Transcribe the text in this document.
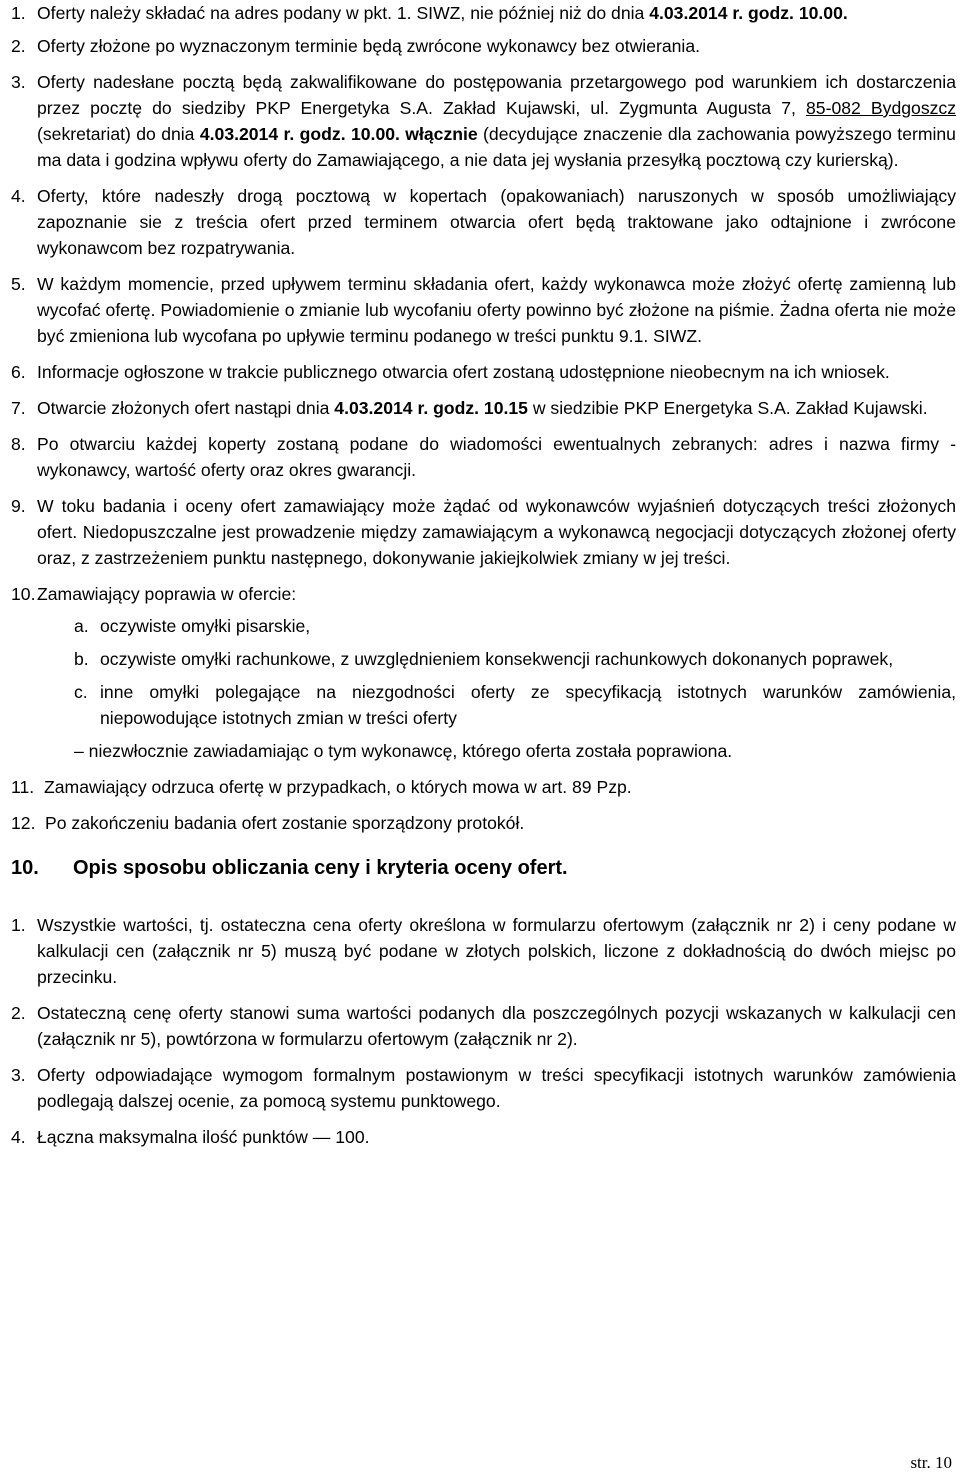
1. Oferty należy składać na adres podany w pkt. 1. SIWZ, nie później niż do dnia 4.03.2014 r. godz. 10.00.
2. Oferty złożone po wyznaczonym terminie będą zwrócone wykonawcy bez otwierania.
3. Oferty nadesłane pocztą będą zakwalifikowane do postępowania przetargowego pod warunkiem ich dostarczenia przez pocztę do siedziby PKP Energetyka S.A. Zakład Kujawski, ul. Zygmunta Augusta 7, 85-082 Bydgoszcz (sekretariat) do dnia 4.03.2014 r. godz. 10.00. włącznie (decydujące znaczenie dla zachowania powyższego terminu ma data i godzina wpływu oferty do Zamawiającego, a nie data jej wysłania przesyłką pocztową czy kurierską).
4. Oferty, które nadeszły drogą pocztową w kopertach (opakowaniach) naruszonych w sposób umożliwiający zapoznanie sie z treścia ofert przed terminem otwarcia ofert będą traktowane jako odtajnione i zwrócone wykonawcom bez rozpatrywania.
5. W każdym momencie, przed upływem terminu składania ofert, każdy wykonawca może złożyć ofertę zamienną lub wycofać ofertę. Powiadomienie o zmianie lub wycofaniu oferty powinno być złożone na piśmie. Żadna oferta nie może być zmieniona lub wycofana po upływie terminu podanego w treści punktu 9.1. SIWZ.
6. Informacje ogłoszone w trakcie publicznego otwarcia ofert zostaną udostępnione nieobecnym na ich wniosek.
7. Otwarcie złożonych ofert nastąpi dnia 4.03.2014 r. godz. 10.15 w siedzibie PKP Energetyka S.A. Zakład Kujawski.
8. Po otwarciu każdej koperty zostaną podane do wiadomości ewentualnych zebranych: adres i nazwa firmy - wykonawcy, wartość oferty oraz okres gwarancji.
9. W toku badania i oceny ofert zamawiający może żądać od wykonawców wyjaśnień dotyczących treści złożonych ofert. Niedopuszczalne jest prowadzenie między zamawiającym a wykonawcą negocjacji dotyczących złożonej oferty oraz, z zastrzeżeniem punktu następnego, dokonywanie jakiejkolwiek zmiany w jej treści.
10. Zamawiający poprawia w ofercie:
a. oczywiste omyłki pisarskie,
b. oczywiste omyłki rachunkowe, z uwzględnieniem konsekwencji rachunkowych dokonanych poprawek,
c. inne omyłki polegające na niezgodności oferty ze specyfikacją istotnych warunków zamówienia, niepowodujące istotnych zmian w treści oferty
– niezwłocznie zawiadamiając o tym wykonawcę, którego oferta została poprawiona.
11. Zamawiający odrzuca ofertę w przypadkach, o których mowa w art. 89 Pzp.
12. Po zakończeniu badania ofert zostanie sporządzony protokół.
10. Opis sposobu obliczania ceny i kryteria oceny ofert.
1. Wszystkie wartości, tj. ostateczna cena oferty określona w formularzu ofertowym (załącznik nr 2) i ceny podane w kalkulacji cen (załącznik nr 5) muszą być podane w złotych polskich, liczone z dokładnością do dwóch miejsc po przecinku.
2. Ostateczną cenę oferty stanowi suma wartości podanych dla poszczególnych pozycji wskazanych w kalkulacji cen (załącznik nr 5), powtórzona w formularzu ofertowym (załącznik nr 2).
3. Oferty odpowiadające wymogom formalnym postawionym w treści specyfikacji istotnych warunków zamówienia podlegają dalszej ocenie, za pomocą systemu punktowego.
4. Łączna maksymalna ilość punktów — 100.
str. 10
